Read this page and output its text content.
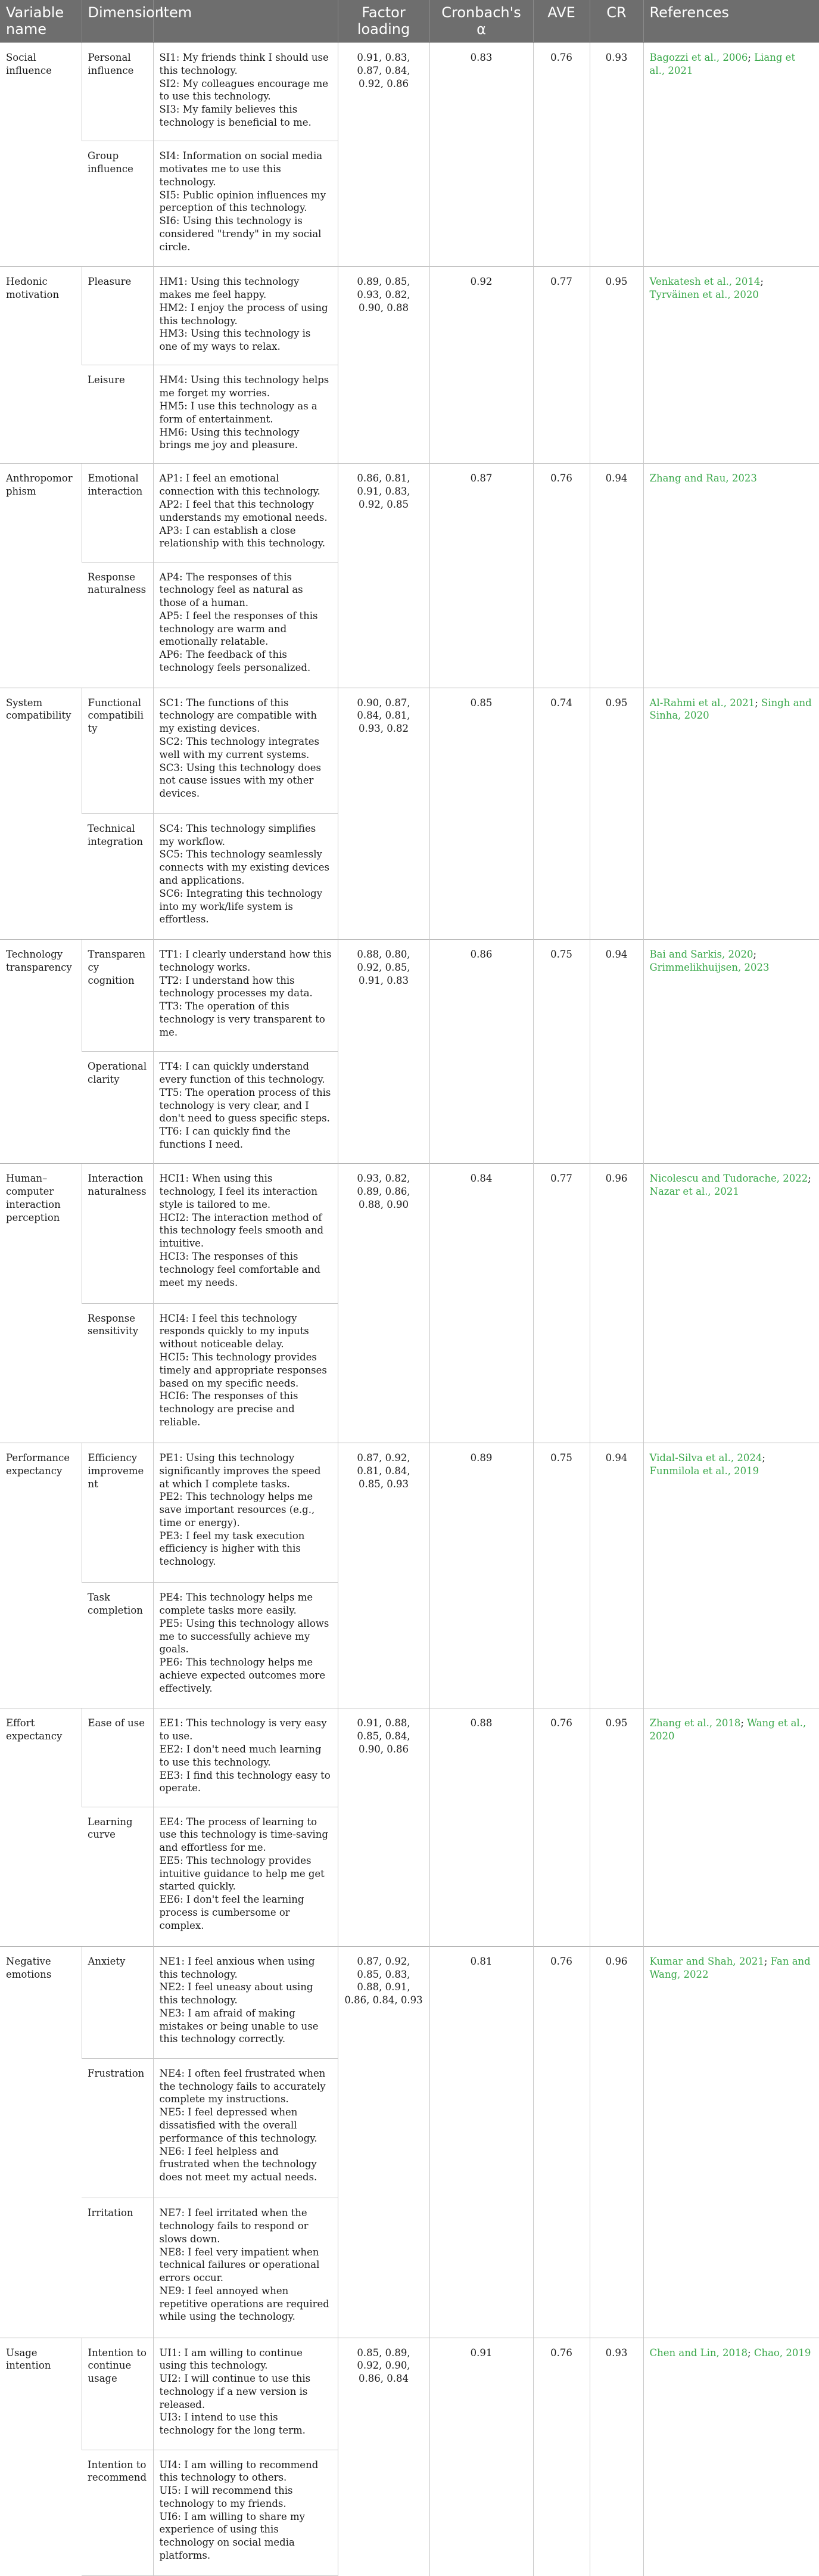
Variable name	Dimension	Item	Factor loading	Cronbach's α	AVE	CR	References
Social influence	Personal influence	SI1: My friends think I should use this technology.
SI2: My colleagues encourage me to use this technology.
SI3: My family believes this technology is beneficial to me.	0.91, 0.83, 0.87, 0.84, 0.92, 0.86	0.83	0.76	0.93	Bagozzi et al., 2006; Liang et al., 2021
	Group influence	SI4: Information on social media motivates me to use this technology.
SI5: Public opinion influences my perception of this technology.
SI6: Using this technology is considered "trendy" in my social circle.					

Hedonic motivation	Pleasure	HM1: Using this technology makes me feel happy.
HM2: I enjoy the process of using this technology.
HM3: Using this technology is one of my ways to relax.	0.89, 0.85, 0.93, 0.82, 0.90, 0.88	0.92	0.77	0.95	Venkatesh et al., 2014; Tyrväinen et al., 2020
	Leisure	HM4: Using this technology helps me forget my worries.
HM5: I use this technology as a form of entertainment.
HM6: Using this technology brings me joy and pleasure.					

Anthropomorphism	Emotional interaction	AP1: I feel an emotional connection with this technology.
AP2: I feel that this technology understands my emotional needs.
AP3: I can establish a close relationship with this technology.	0.86, 0.81, 0.91, 0.83, 0.92, 0.85	0.87	0.76	0.94	Zhang and Rau, 2023
	Response naturalness	AP4: The responses of this technology feel as natural as those of a human.
AP5: I feel the responses of this technology are warm and emotionally relatable.
AP6: The feedback of this technology feels personalized.					

System compatibility	Functional compatibility	SC1: The functions of this technology are compatible with my existing devices.
SC2: This technology integrates well with my current systems.
SC3: Using this technology does not cause issues with my other devices.	0.90, 0.87, 0.84, 0.81, 0.93, 0.82	0.85	0.74	0.95	Al-Rahmi et al., 2021; Singh and Sinha, 2020
	Technical integration	SC4: This technology simplifies my workflow.
SC5: This technology seamlessly connects with my existing devices and applications.
SC6: Integrating this technology into my work/life system is effortless.					

Technology transparency	Transparency cognition	TT1: I clearly understand how this technology works.
TT2: I understand how this technology processes my data.
TT3: The operation of this technology is very transparent to me.	0.88, 0.80, 0.92, 0.85, 0.91, 0.83	0.86	0.75	0.94	Bai and Sarkis, 2020; Grimmelikhuijsen, 2023
	Operational clarity	TT4: I can quickly understand every function of this technology.
TT5: The operation process of this technology is very clear, and I don't need to guess specific steps.
TT6: I can quickly find the functions I need.					

Human–computer interaction perception	Interaction naturalness	HCI1: When using this technology, I feel its interaction style is tailored to me.
HCI2: The interaction method of this technology feels smooth and intuitive.
HCI3: The responses of this technology feel comfortable and meet my needs.	0.93, 0.82, 0.89, 0.86, 0.88, 0.90	0.84	0.77	0.96	Nicolescu and Tudorache, 2022; Nazar et al., 2021
	Response sensitivity	HCI4: I feel this technology responds quickly to my inputs without noticeable delay.
HCI5: This technology provides timely and appropriate responses based on my specific needs.
HCI6: The responses of this technology are precise and reliable.					

Performance expectancy	Efficiency improvement	PE1: Using this technology significantly improves the speed at which I complete tasks.
PE2: This technology helps me save important resources (e.g., time or energy).
PE3: I feel my task execution efficiency is higher with this technology.	0.87, 0.92, 0.81, 0.84, 0.85, 0.93	0.89	0.75	0.94	Vidal-Silva et al., 2024; Funmilola et al., 2019
	Task completion	PE4: This technology helps me complete tasks more easily.
PE5: Using this technology allows me to successfully achieve my goals.
PE6: This technology helps me achieve expected outcomes more effectively.					

Effort expectancy	Ease of use	EE1: This technology is very easy to use.
EE2: I don't need much learning to use this technology.
EE3: I find this technology easy to operate.	0.91, 0.88, 0.85, 0.84, 0.90, 0.86	0.88	0.76	0.95	Zhang et al., 2018; Wang et al., 2020
	Learning curve	EE4: The process of learning to use this technology is time-saving and effortless for me.
EE5: This technology provides intuitive guidance to help me get started quickly.
EE6: I don't feel the learning process is cumbersome or complex.					

Negative emotions	Anxiety	NE1: I feel anxious when using this technology.
NE2: I feel uneasy about using this technology.
NE3: I am afraid of making mistakes or being unable to use this technology correctly.	0.87, 0.92, 0.85, 0.83, 0.88, 0.91, 0.86, 0.84, 0.93	0.81	0.76	0.96	Kumar and Shah, 2021; Fan and Wang, 2022
	Frustration	NE4: I often feel frustrated when the technology fails to accurately complete my instructions.
NE5: I feel depressed when dissatisfied with the overall performance of this technology.
NE6: I feel helpless and frustrated when the technology does not meet my actual needs.					

	Irritation	NE7: I feel irritated when the technology fails to respond or slows down.
NE8: I feel very impatient when technical failures or operational errors occur.
NE9: I feel annoyed when repetitive operations are required while using the technology.					

Usage intention	Intention to continue usage	UI1: I am willing to continue using this technology.
UI2: I will continue to use this technology if a new version is released.
UI3: I intend to use this technology for the long term.	0.85, 0.89, 0.92, 0.90, 0.86, 0.84	0.91	0.76	0.93	Chen and Lin, 2018; Chao, 2019
	Intention to recommend	UI4: I am willing to recommend this technology to others.
UI5: I will recommend this technology to my friends.
UI6: I am willing to share my experience of using this technology on social media platforms.					
